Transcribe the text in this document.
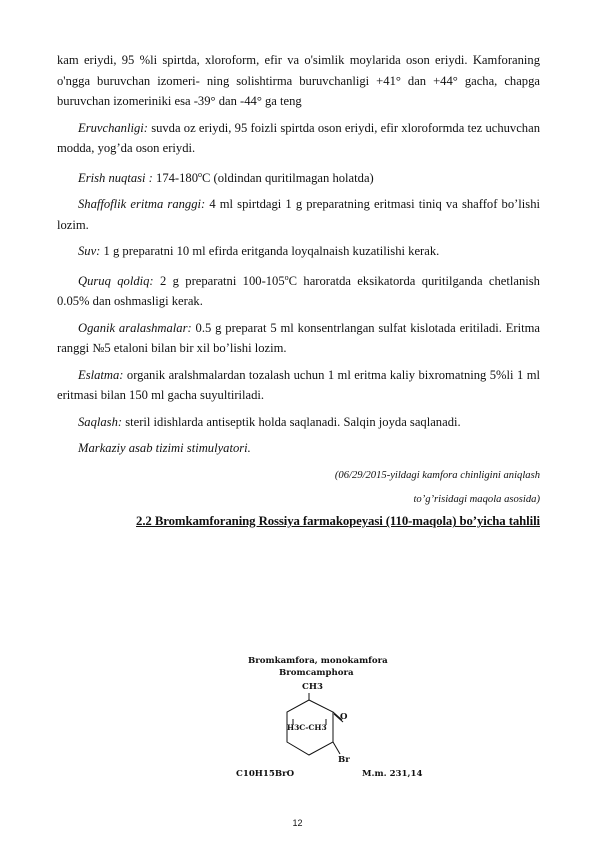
kam eriydi, 95 %li spirtda, xloroform, efir va o'simlik moylarida oson eriydi. Kamforaning o'ngga buruvchan izomeri- ning solishtirma buruvchanligi +41° dan +44° gacha, chapga buruvchan izomeriniki esa -39° dan -44° ga teng

Eruvchanligi: suvda oz eriydi, 95 foizli spirtda oson eriydi, efir xloroformda tez uchuvchan modda, yog’da oson eriydi.

Erish nuqtasi : 174-180$^o$C (oldindan quritilmagan holatda)

Shaffoflik eritma ranggi: 4 ml spirtdagi 1 g preparatning eritmasi tiniq va shaffof bo’lishi lozim.

Suv: 1 g preparatni 10 ml efirda eritganda loyqalnaish kuzatilishi kerak.

Quruq qoldiq: 2 g preparatni 100-105$^o$C haroratda eksikatorda quritilganda chetlanish 0.05% dan oshmasligi kerak.

Oganik aralashmalar: 0.5 g preparat 5 ml konsentrlangan sulfat kislotada eritiladi. Eritma ranggi №5 etaloni bilan bir xil bo’lishi lozim.

Eslatma: organik aralshmalardan tozalash uchun 1 ml eritma kaliy bixromatning 5%li 1 ml eritmasi bilan 150 ml gacha suyultiriladi.

Saqlash: steril idishlarda antiseptik holda saqlanadi. Salqin joyda saqlanadi.

Markaziy asab tizimi stimulyatori.

(06/29/2015-yildagi kamfora chinligini aniqlash

to’g’risidagi maqola asosida)

2.2 Bromkamforaning Rossiya farmakopeyasi (110-maqola) bo’yicha tahlili

Bromkamfora, monokamfora
Bromcamphora
CH3
O
H3C-CH3
Br
C10H15BrO	M.m. 231,14
12
